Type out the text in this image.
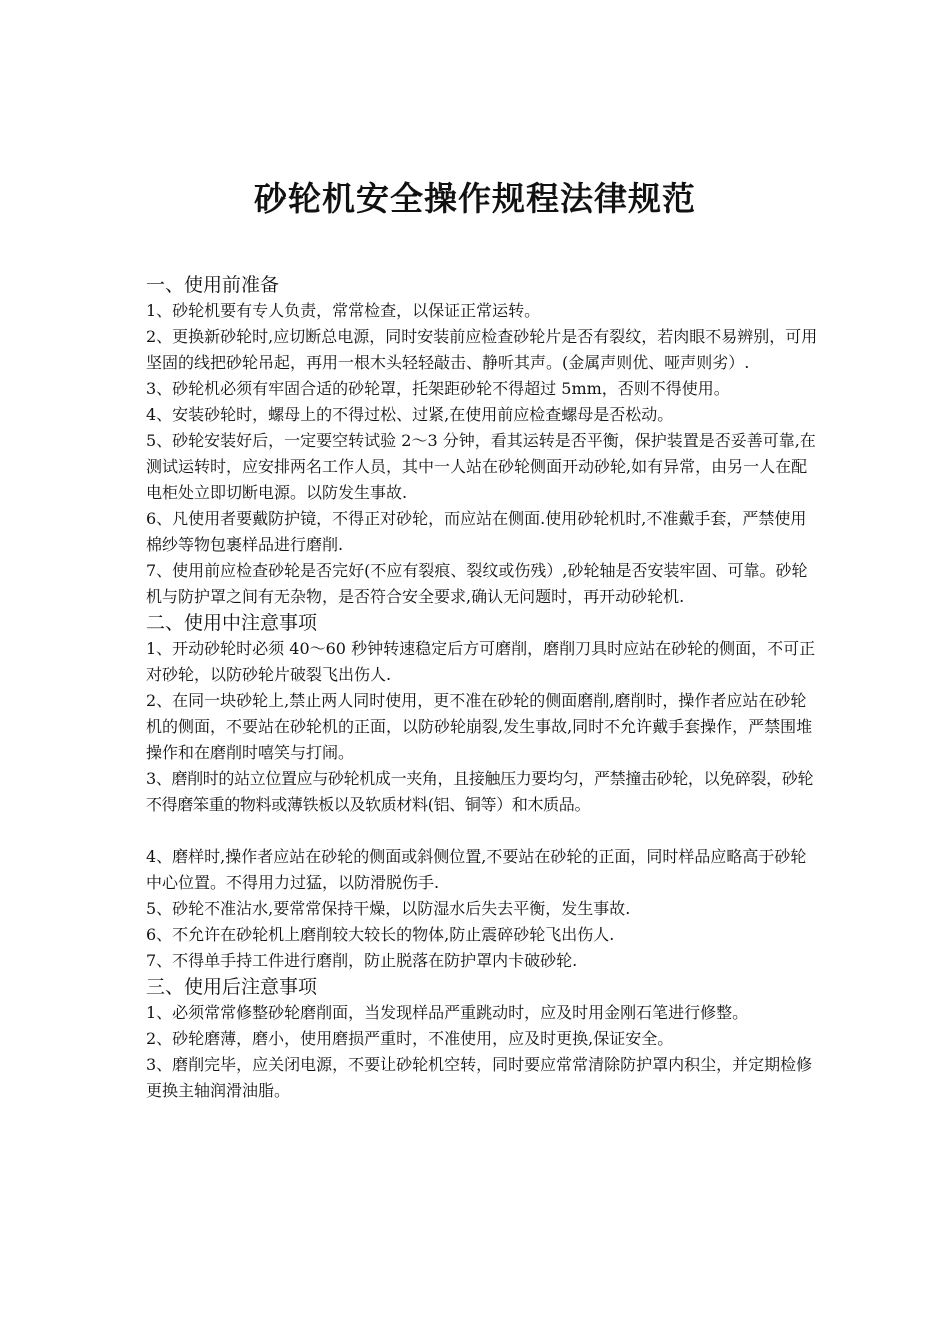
砂轮机安全操作规程法律规范

一、使用前准备

1、砂轮机要有专人负责，常常检查，以保证正常运转。

2、更换新砂轮时,应切断总电源，同时安装前应检查砂轮片是否有裂纹，若肉眼不易辨别，可用坚固的线把砂轮吊起，再用一根木头轻轻敲击、静听其声。(金属声则优、哑声则劣）.

3、砂轮机必须有牢固合适的砂轮罩，托架距砂轮不得超过 5mm，否则不得使用。

4、安装砂轮时，螺母上的不得过松、过紧,在使用前应检查螺母是否松动。

5、砂轮安装好后，一定要空转试验 2～3 分钟，看其运转是否平衡，保护装置是否妥善可靠,在测试运转时，应安排两名工作人员，其中一人站在砂轮侧面开动砂轮,如有异常，由另一人在配电柜处立即切断电源。以防发生事故.

6、凡使用者要戴防护镜，不得正对砂轮，而应站在侧面.使用砂轮机时,不准戴手套，严禁使用棉纱等物包裹样品进行磨削.

7、使用前应检查砂轮是否完好(不应有裂痕、裂纹或伤残）,砂轮轴是否安装牢固、可靠。砂轮机与防护罩之间有无杂物，是否符合安全要求,确认无问题时，再开动砂轮机.

二、使用中注意事项

1、开动砂轮时必须 40～60 秒钟转速稳定后方可磨削，磨削刀具时应站在砂轮的侧面，不可正对砂轮，以防砂轮片破裂飞出伤人.

2、在同一块砂轮上,禁止两人同时使用，更不准在砂轮的侧面磨削,磨削时，操作者应站在砂轮机的侧面，不要站在砂轮机的正面，以防砂轮崩裂,发生事故,同时不允许戴手套操作，严禁围堆操作和在磨削时嘻笑与打闹。

3、磨削时的站立位置应与砂轮机成一夹角，且接触压力要均匀，严禁撞击砂轮，以免碎裂，砂轮不得磨笨重的物料或薄铁板以及软质材料(铝、铜等）和木质品。

4、磨样时,操作者应站在砂轮的侧面或斜侧位置,不要站在砂轮的正面，同时样品应略高于砂轮中心位置。不得用力过猛，以防滑脱伤手.

5、砂轮不准沾水,要常常保持干燥，以防湿水后失去平衡，发生事故.

6、不允许在砂轮机上磨削较大较长的物体,防止震碎砂轮飞出伤人.

7、不得单手持工件进行磨削，防止脱落在防护罩内卡破砂轮.

三、使用后注意事项

1、必须常常修整砂轮磨削面，当发现样品严重跳动时，应及时用金刚石笔进行修整。

2、砂轮磨薄，磨小，使用磨损严重时，不准使用，应及时更换,保证安全。

3、磨削完毕，应关闭电源，不要让砂轮机空转，同时要应常常清除防护罩内积尘，并定期检修更换主轴润滑油脂。
